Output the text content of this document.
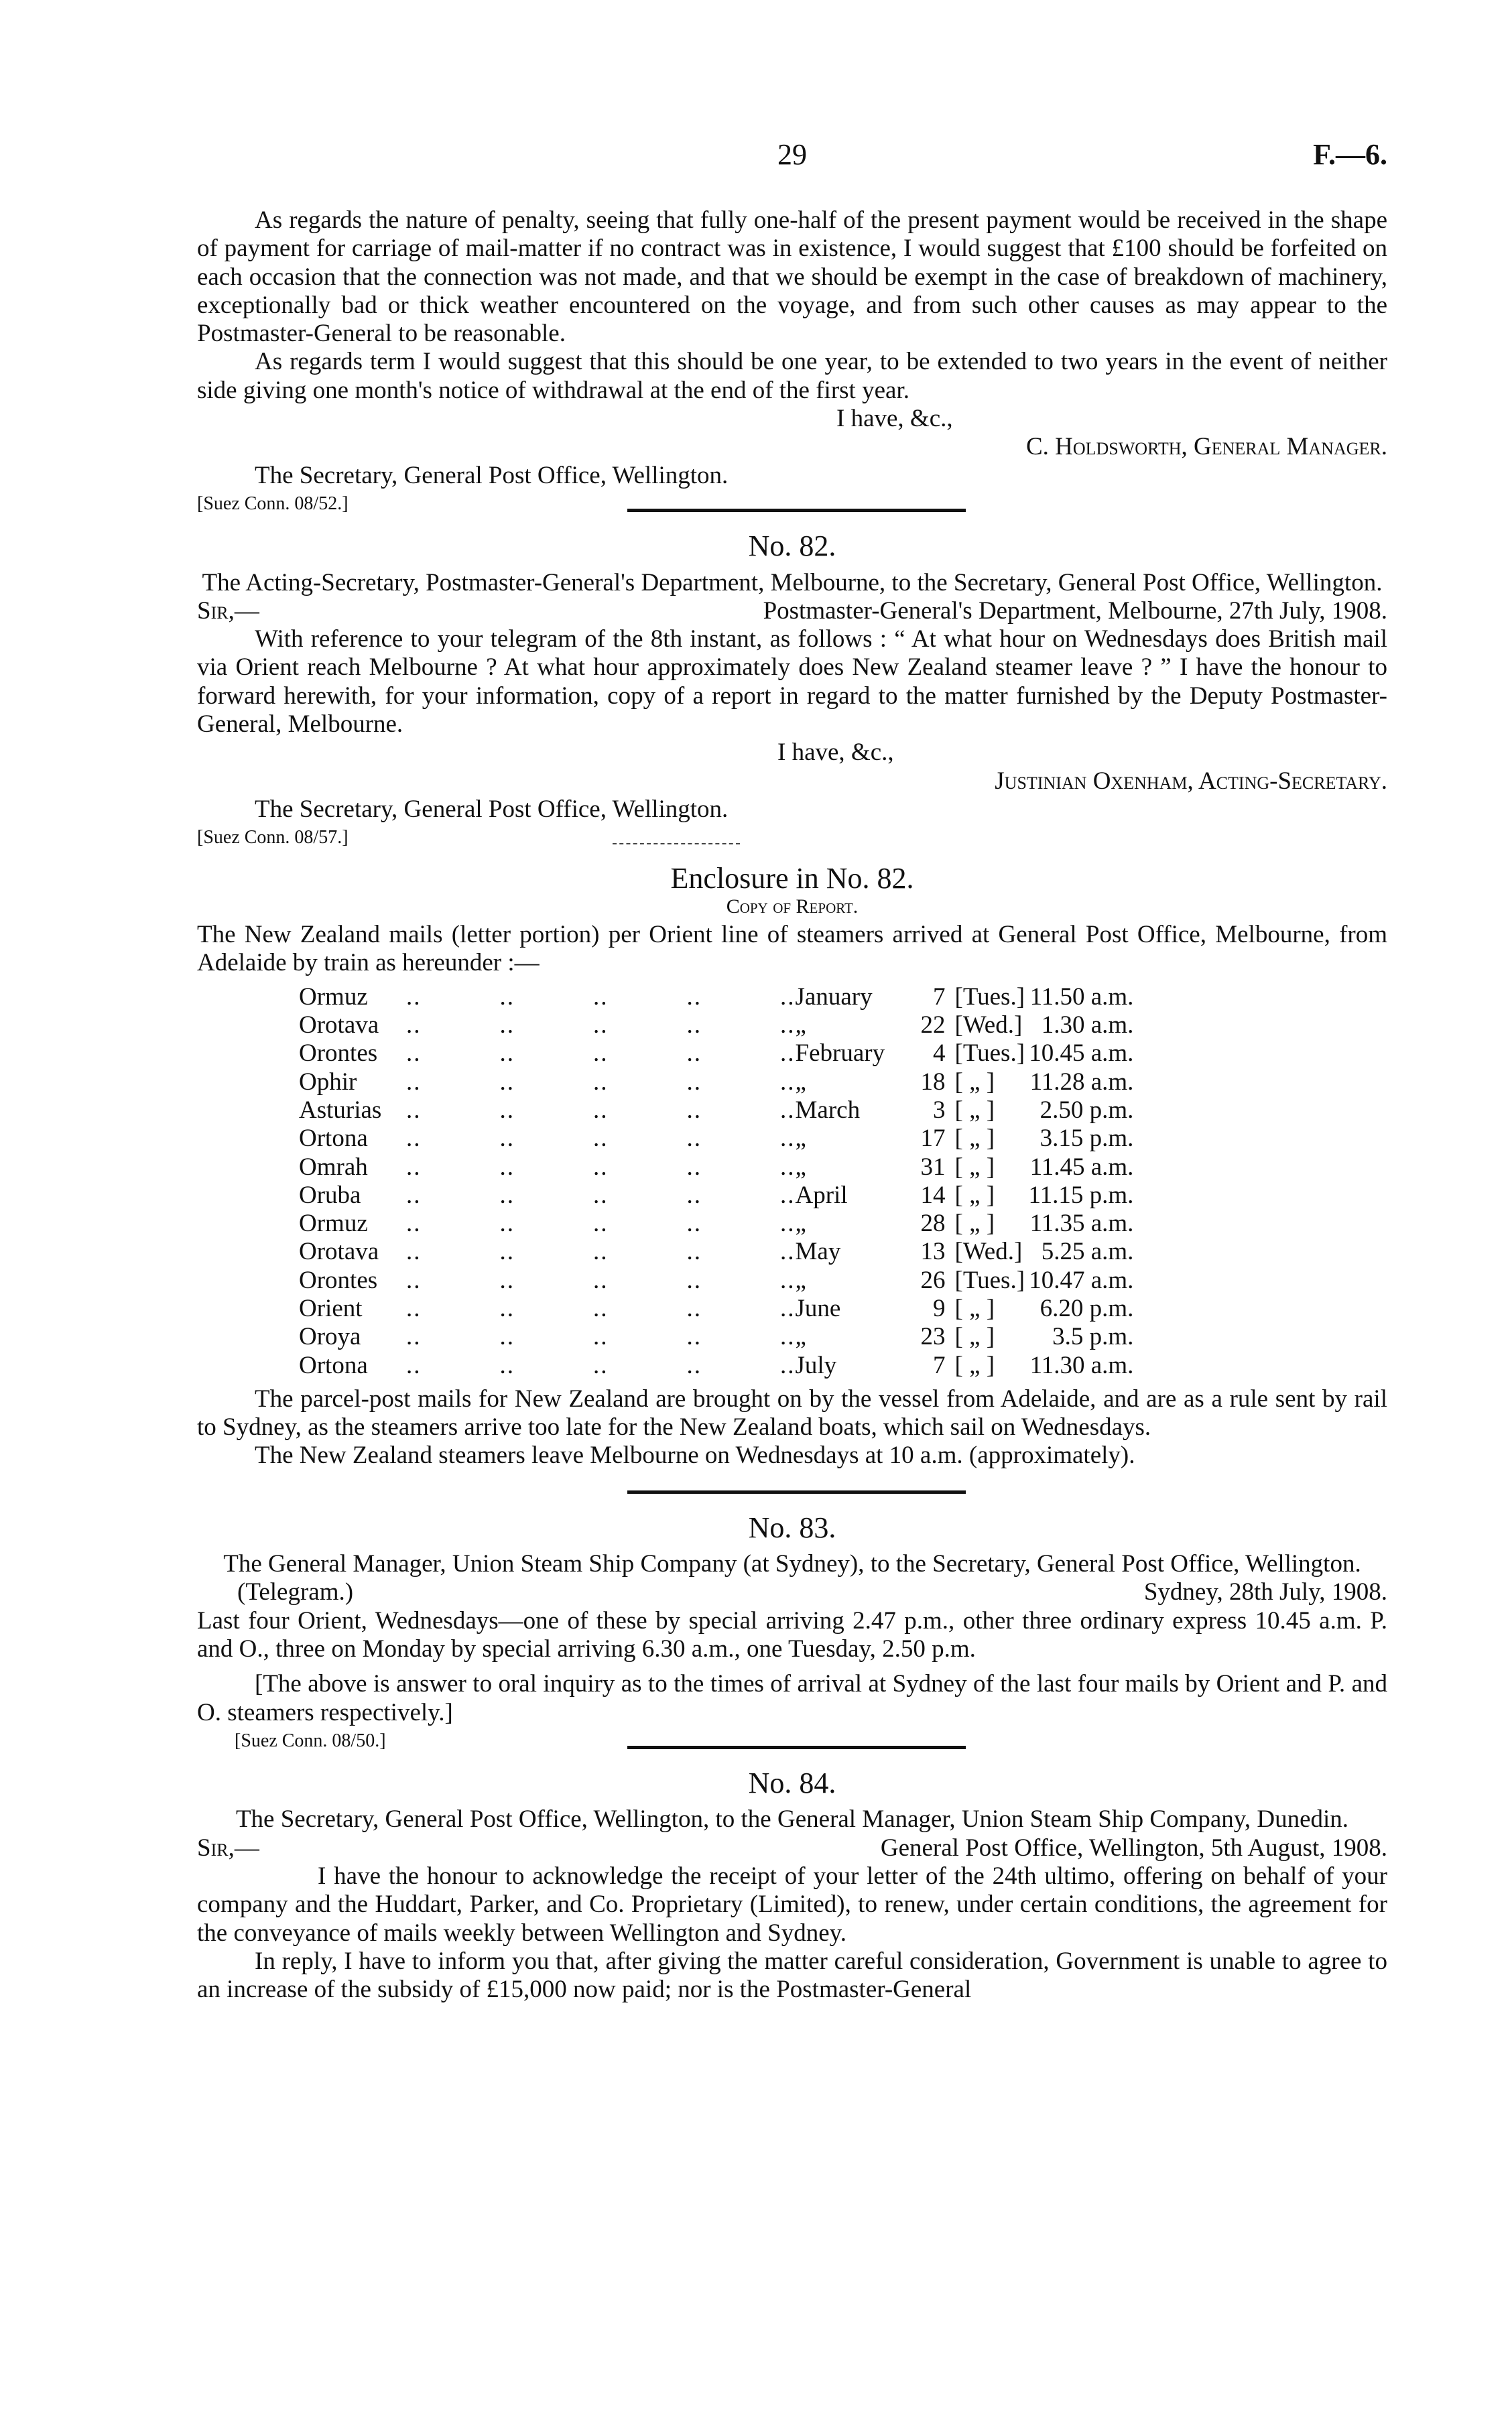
29	F.—6.

As regards the nature of penalty, seeing that fully one-half of the present payment would be received in the shape of payment for carriage of mail-matter if no contract was in existence, I would suggest that £100 should be forfeited on each occasion that the connection was not made, and that we should be exempt in the case of breakdown of machinery, exceptionally bad or thick weather encountered on the voyage, and from such other causes as may appear to the Postmaster-General to be reasonable.

As regards term I would suggest that this should be one year, to be extended to two years in the event of neither side giving one month's notice of withdrawal at the end of the first year.

I have, &c.,

C. Holdsworth, General Manager.

The Secretary, General Post Office, Wellington.

[Suez Conn. 08/52.]

No. 82.

The Acting-Secretary, Postmaster-General's Department, Melbourne, to the Secretary, General Post Office, Wellington.

Sir,—	Postmaster-General's Department, Melbourne, 27th July, 1908.

With reference to your telegram of the 8th instant, as follows : “ At what hour on Wednesdays does British mail via Orient reach Melbourne ? At what hour approximately does New Zealand steamer leave ? ” I have the honour to forward herewith, for your information, copy of a report in regard to the matter furnished by the Deputy Postmaster-General, Melbourne.

I have, &c.,

Justinian Oxenham, Acting-Secretary.

The Secretary, General Post Office, Wellington.

[Suez Conn. 08/57.]

Enclosure in No. 82.

Copy of Report.

The New Zealand mails (letter portion) per Orient line of steamers arrived at General Post Office, Melbourne, from Adelaide by train as hereunder :—

Ormuz	..   ..   ..   ..   ..	January	7	[Tues.]	11.50 a.m.
Orotava	..   ..   ..   ..   ..	„	22	[Wed.]	1.30 a.m.
Orontes	..   ..   ..   ..   ..	February	4	[Tues.]	10.45 a.m.
Ophir	..   ..   ..   ..   ..	„	18	[ „ ]	11.28 a.m.
Asturias	..   ..   ..   ..   ..	March	3	[ „ ]	2.50 p.m.
Ortona	..   ..   ..   ..   ..	„	17	[ „ ]	3.15 p.m.
Omrah	..   ..   ..   ..   ..	„	31	[ „ ]	11.45 a.m.
Oruba	..   ..   ..   ..   ..	April	14	[ „ ]	11.15 p.m.
Ormuz	..   ..   ..   ..   ..	„	28	[ „ ]	11.35 a.m.
Orotava	..   ..   ..   ..   ..	May	13	[Wed.]	5.25 a.m.
Orontes	..   ..   ..   ..   ..	„	26	[Tues.]	10.47 a.m.
Orient	..   ..   ..   ..   ..	June	9	[ „ ]	6.20 p.m.
Oroya	..   ..   ..   ..   ..	„	23	[ „ ]	3.5 p.m.
Ortona	..   ..   ..   ..   ..	July	7	[ „ ]	11.30 a.m.

The parcel-post mails for New Zealand are brought on by the vessel from Adelaide, and are as a rule sent by rail to Sydney, as the steamers arrive too late for the New Zealand boats, which sail on Wednesdays.

The New Zealand steamers leave Melbourne on Wednesdays at 10 a.m. (approximately).

No. 83.

The General Manager, Union Steam Ship Company (at Sydney), to the Secretary, General Post Office, Wellington.

(Telegram.)	Sydney, 28th July, 1908.

Last four Orient, Wednesdays—one of these by special arriving 2.47 p.m., other three ordinary express 10.45 a.m. P. and O., three on Monday by special arriving 6.30 a.m., one Tuesday, 2.50 p.m.

[The above is answer to oral inquiry as to the times of arrival at Sydney of the last four mails by Orient and P. and O. steamers respectively.]

[Suez Conn. 08/50.]

No. 84.

The Secretary, General Post Office, Wellington, to the General Manager, Union Steam Ship Company, Dunedin.

Sir,—	General Post Office, Wellington, 5th August, 1908.

I have the honour to acknowledge the receipt of your letter of the 24th ultimo, offering on behalf of your company and the Huddart, Parker, and Co. Proprietary (Limited), to renew, under certain conditions, the agreement for the conveyance of mails weekly between Wellington and Sydney.

In reply, I have to inform you that, after giving the matter careful consideration, Government is unable to agree to an increase of the subsidy of £15,000 now paid; nor is the Postmaster-General
